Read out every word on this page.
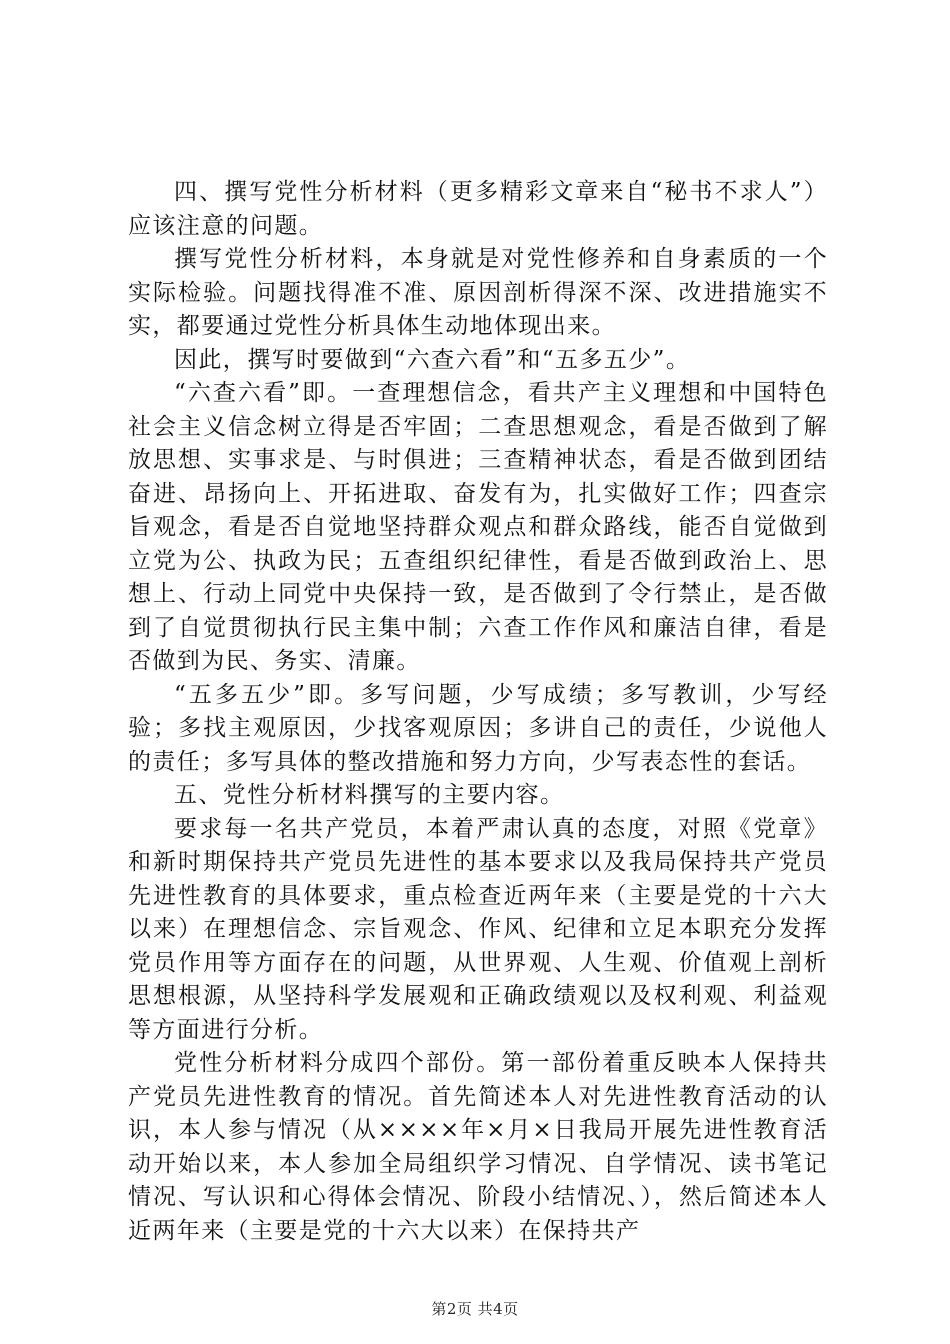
四、撰写党性分析材料（更多精彩文章来自“秘书不求人”）应该注意的问题。

撰写党性分析材料，本身就是对党性修养和自身素质的一个实际检验。问题找得准不准、原因剖析得深不深、改进措施实不实，都要通过党性分析具体生动地体现出来。

因此，撰写时要做到“六查六看”和“五多五少”。

“六查六看”即。一查理想信念，看共产主义理想和中国特色社会主义信念树立得是否牢固；二查思想观念，看是否做到了解放思想、实事求是、与时俱进；三查精神状态，看是否做到团结奋进、昂扬向上、开拓进取、奋发有为，扎实做好工作；四查宗旨观念，看是否自觉地坚持群众观点和群众路线，能否自觉做到立党为公、执政为民；五查组织纪律性，看是否做到政治上、思想上、行动上同党中央保持一致，是否做到了令行禁止，是否做到了自觉贯彻执行民主集中制；六查工作作风和廉洁自律，看是否做到为民、务实、清廉。

“五多五少”即。多写问题，少写成绩；多写教训，少写经验；多找主观原因，少找客观原因；多讲自己的责任，少说他人的责任；多写具体的整改措施和努力方向，少写表态性的套话。

五、党性分析材料撰写的主要内容。

要求每一名共产党员，本着严肃认真的态度，对照《党章》和新时期保持共产党员先进性的基本要求以及我局保持共产党员先进性教育的具体要求，重点检查近两年来（主要是党的十六大以来）在理想信念、宗旨观念、作风、纪律和立足本职充分发挥党员作用等方面存在的问题，从世界观、人生观、价值观上剖析思想根源，从坚持科学发展观和正确政绩观以及权利观、利益观等方面进行分析。

党性分析材料分成四个部份。第一部份着重反映本人保持共产党员先进性教育的情况。首先简述本人对先进性教育活动的认识，本人参与情况（从××××年×月×日我局开展先进性教育活动开始以来，本人参加全局组织学习情况、自学情况、读书笔记情况、写认识和心得体会情况、阶段小结情况、），然后简述本人近两年来（主要是党的十六大以来）在保持共产

第2页 共4页
